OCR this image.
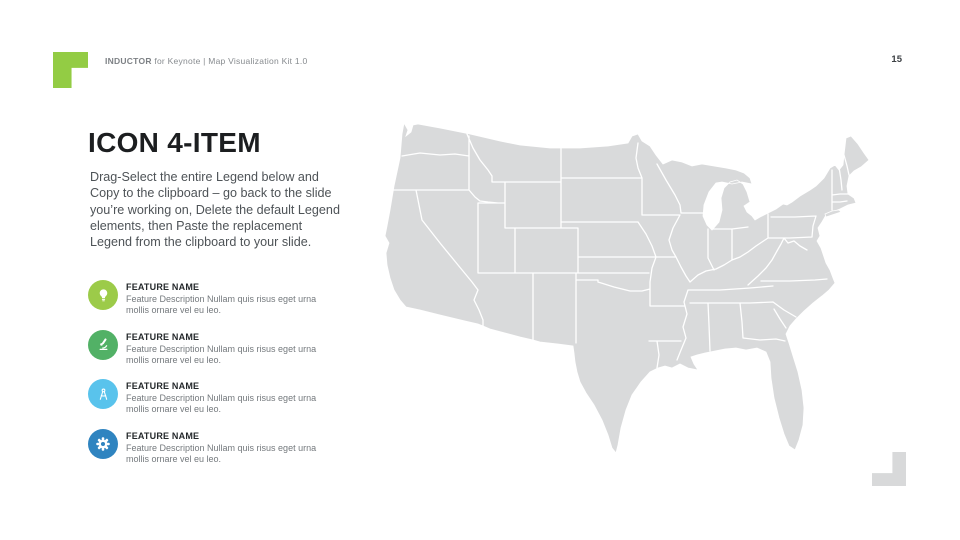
INDUCTOR for Keynote | Map Visualization Kit 1.0	15
ICON 4-ITEM
Drag-Select the entire Legend below and
Copy to the clipboard – go back to the slide
you’re working on, Delete the default Legend
elements, then Paste the replacement
Legend from the clipboard to your slide.
FEATURE NAME
Feature Description Nullam quis risus eget urna
mollis ornare vel eu leo.
FEATURE NAME
Feature Description Nullam quis risus eget urna
mollis ornare vel eu leo.
FEATURE NAME
Feature Description Nullam quis risus eget urna
mollis ornare vel eu leo.
FEATURE NAME
Feature Description Nullam quis risus eget urna
mollis ornare vel eu leo.
